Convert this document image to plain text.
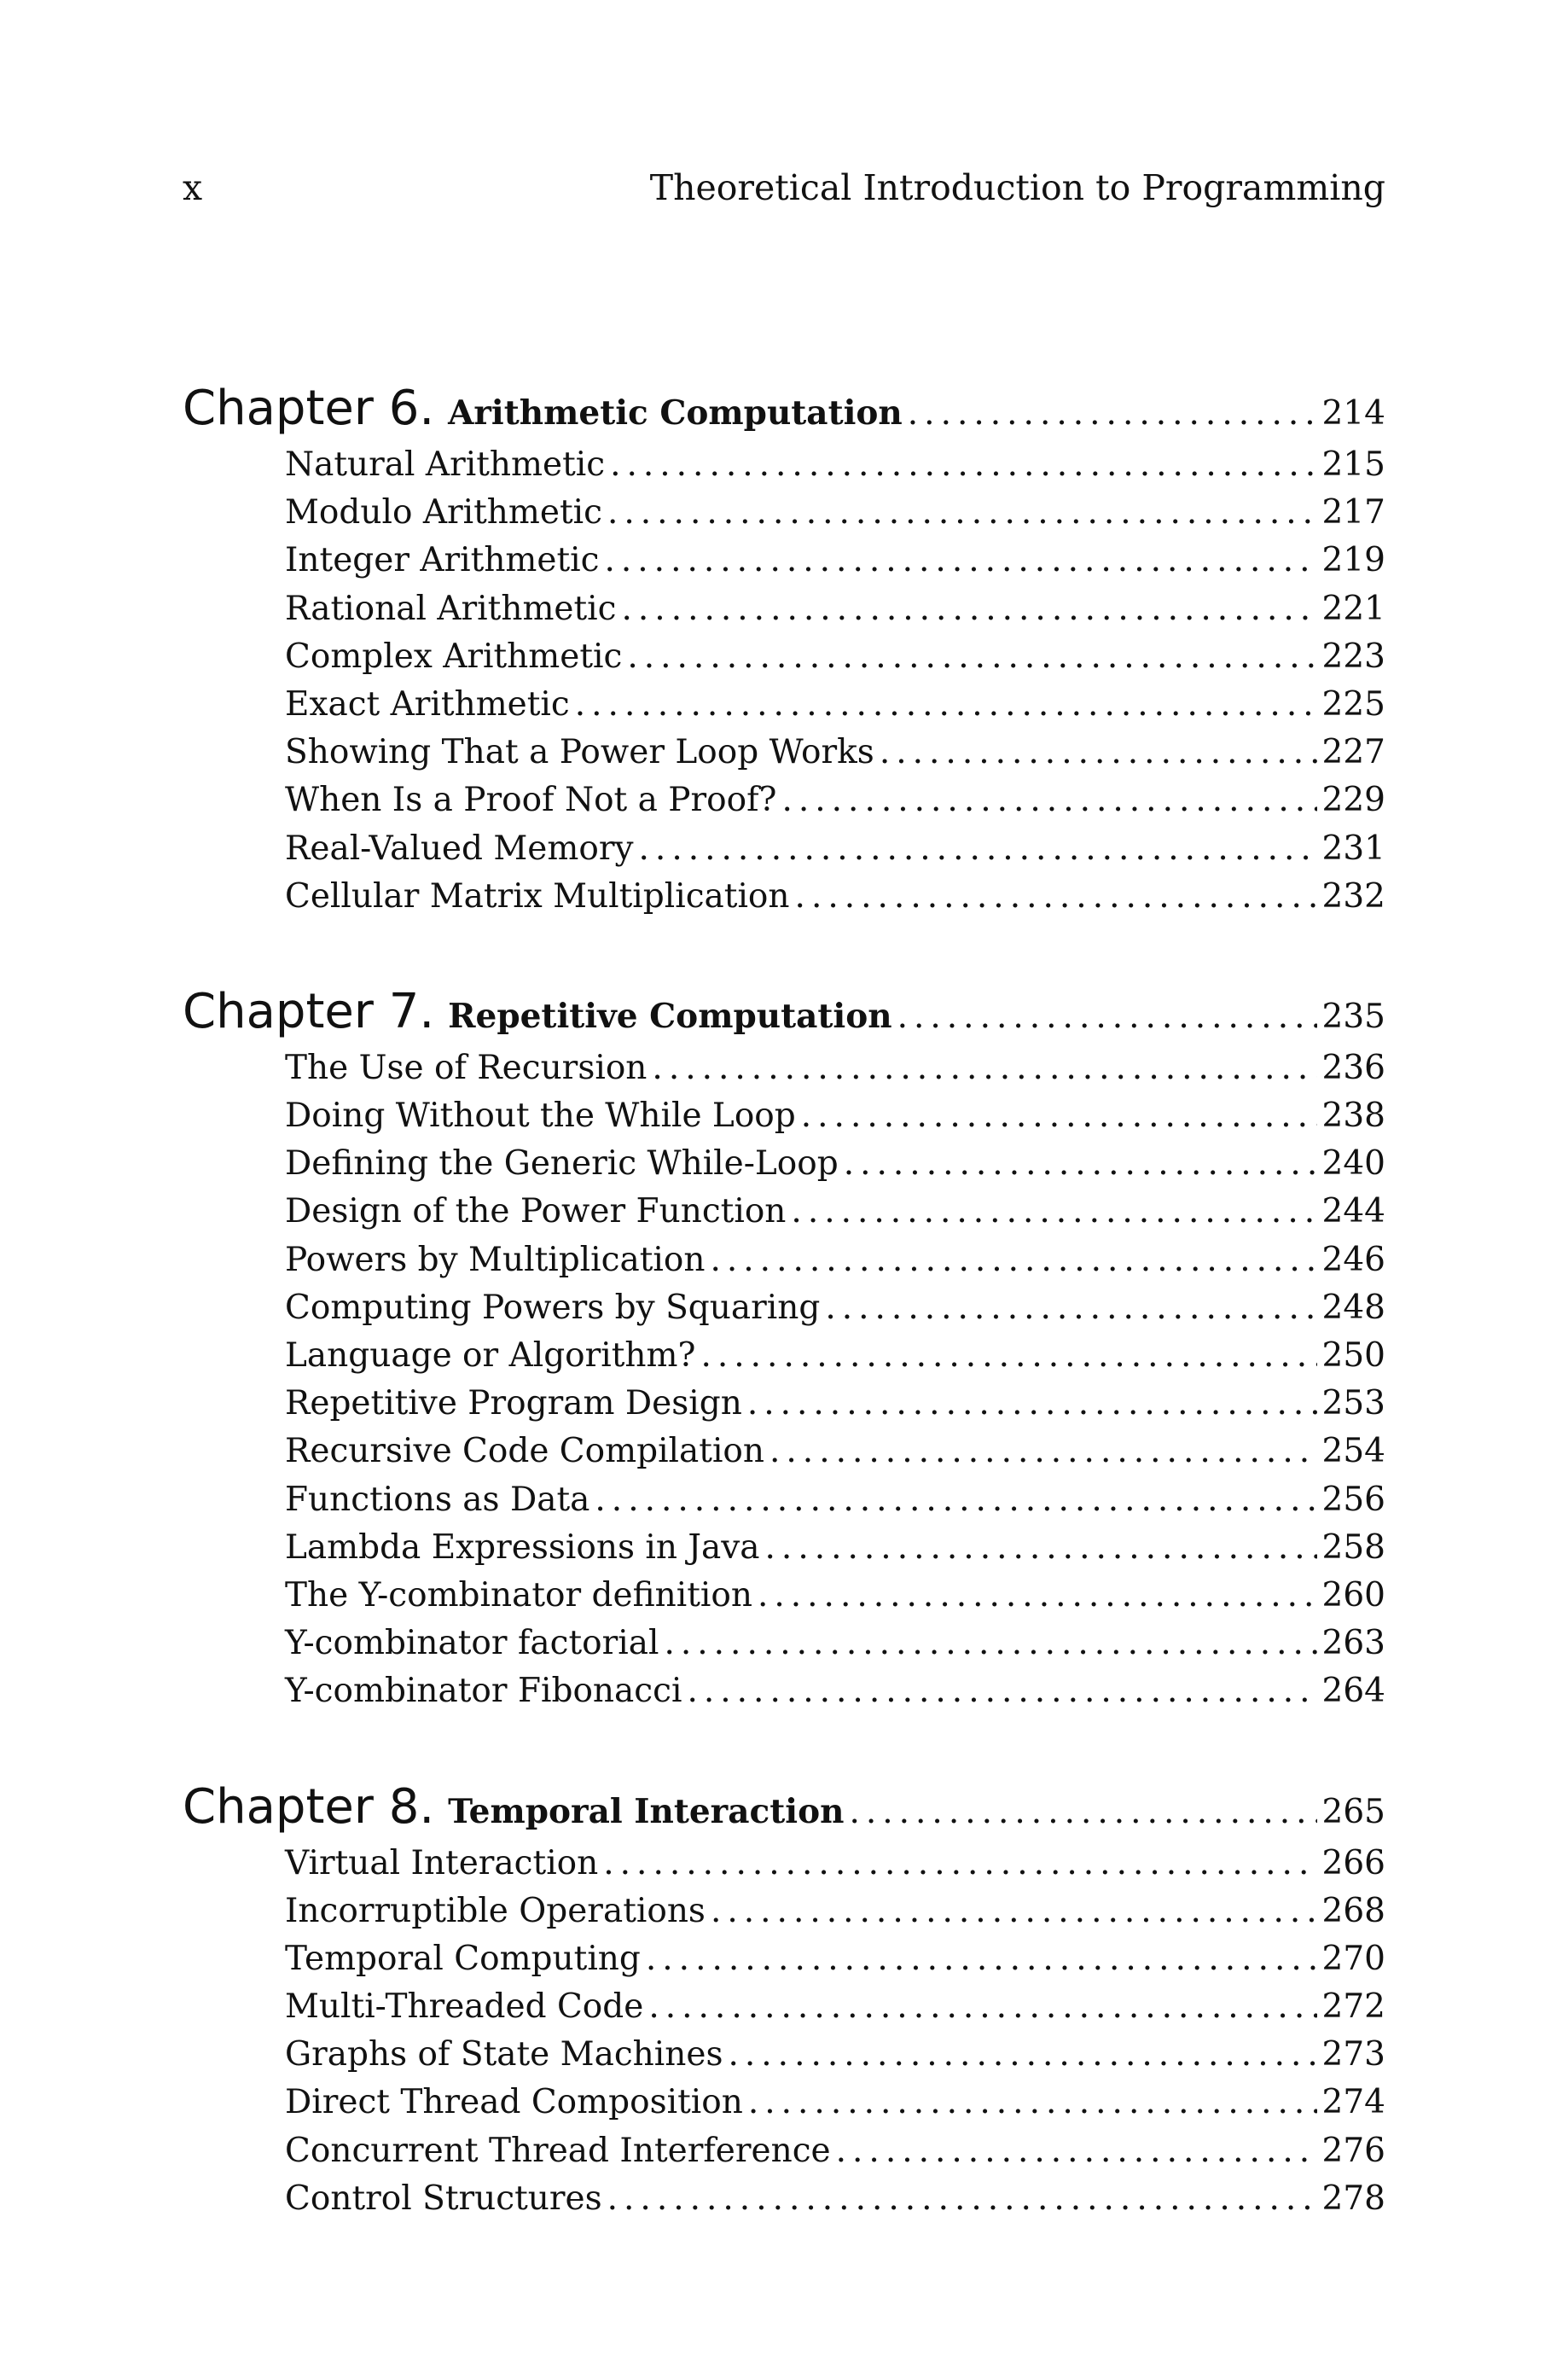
x	Theoretical Introduction to Programming
Chapter 6. Arithmetic Computation .....	214
Natural Arithmetic .....	215
Modulo Arithmetic .....	217
Integer Arithmetic .....	219
Rational Arithmetic .....	221
Complex Arithmetic .....	223
Exact Arithmetic .....	225
Showing That a Power Loop Works .....	227
When Is a Proof Not a Proof? .....	229
Real-Valued Memory .....	231
Cellular Matrix Multiplication .....	232
Chapter 7. Repetitive Computation .....	235
The Use of Recursion .....	236
Doing Without the While Loop .....	238
Defining the Generic While-Loop .....	240
Design of the Power Function .....	244
Powers by Multiplication .....	246
Computing Powers by Squaring .....	248
Language or Algorithm? .....	250
Repetitive Program Design .....	253
Recursive Code Compilation .....	254
Functions as Data .....	256
Lambda Expressions in Java .....	258
The Y-combinator definition .....	260
Y-combinator factorial .....	263
Y-combinator Fibonacci .....	264
Chapter 8. Temporal Interaction .....	265
Virtual Interaction .....	266
Incorruptible Operations .....	268
Temporal Computing .....	270
Multi-Threaded Code .....	272
Graphs of State Machines .....	273
Direct Thread Composition .....	274
Concurrent Thread Interference .....	276
Control Structures .....	278
